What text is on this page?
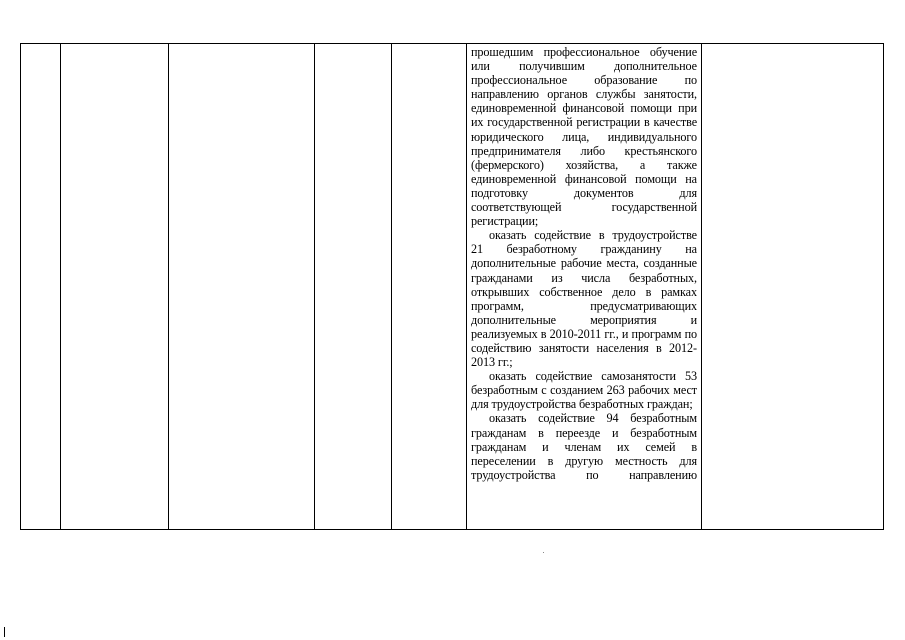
прошедшим профессиональное обучение или получившим дополнительное профессиональное образование по направлению органов службы занятости, единовременной финансовой помощи при их государственной регистрации в качестве юридического лица, индивидуального предпринимателя либо крестьянского (фермерского) хозяйства, а также единовременной финансовой помощи на подготовку документов для соответствующей государственной регистрации;

оказать содействие в трудоустройстве 21 безработному гражданину на дополнительные рабочие места, созданные гражданами из числа безработных, открывших собственное дело в рамках программ, предусматривающих дополнительные мероприятия и реализуемых в 2010-2011 гг., и программ по содействию занятости населения в 2012-2013 гг.;

оказать содействие самозанятости 53 безработным с созданием 263 рабочих мест для трудоустройства безработных граждан;

оказать содействие 94 безработным гражданам в переезде и безработным гражданам и членам их семей в переселении в другую местность для трудоустройства по направлению
